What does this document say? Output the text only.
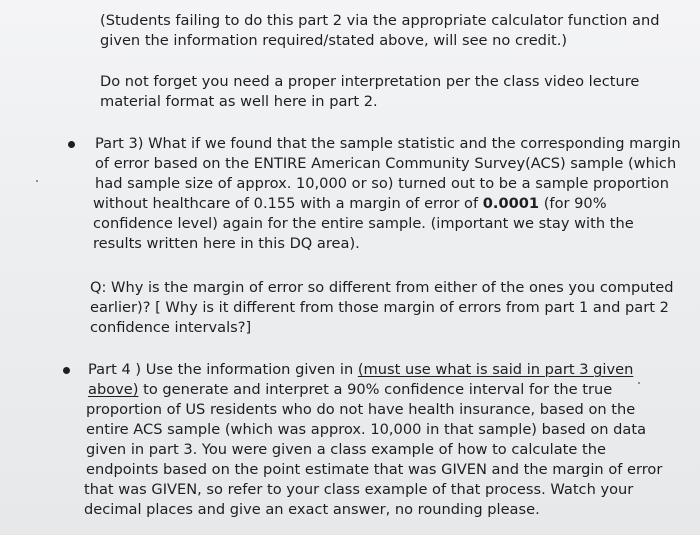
(Students failing to do this part 2 via the appropriate calculator function and
given the information required/stated above, will see no credit.)
Do not forget you need a proper interpretation per the class video lecture
material format as well here in part 2.
Part 3) What if we found that the sample statistic and the corresponding margin
of error based on the ENTIRE American Community Survey(ACS) sample (which
had sample size of approx. 10,000 or so) turned out to be a sample proportion
without healthcare of 0.155 with a margin of error of 0.0001 (for 90%
confidence level) again for the entire sample. (important we stay with the
results written here in this DQ area).
Q: Why is the margin of error so different from either of the ones you computed
earlier)? [ Why is it different from those margin of errors from part 1 and part 2
confidence intervals?]
Part 4 ) Use the information given in (must use what is said in part 3 given
above) to generate and interpret a 90% confidence interval for the true
proportion of US residents who do not have health insurance, based on the
entire ACS sample (which was approx. 10,000 in that sample) based on data
given in part 3. You were given a class example of how to calculate the
endpoints based on the point estimate that was GIVEN and the margin of error
that was GIVEN, so refer to your class example of that process. Watch your
decimal places and give an exact answer, no rounding please.
